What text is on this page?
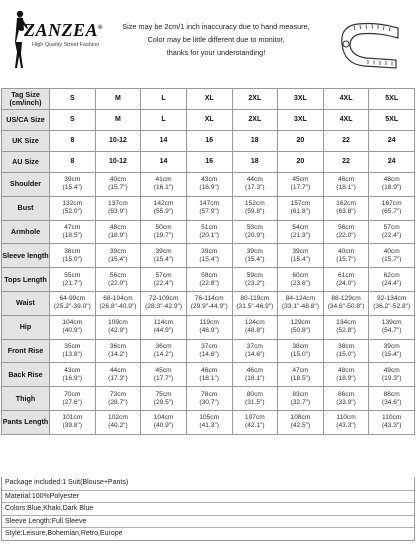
ZANZEA®
High Quality Street Fashion
Size may be 2cm/1 inch inaccuracy due to hand measure,
Color may be little different due to monitor,
thanks for your understanding!
Tag Size (cm/inch)	S	M	L	XL	2XL	3XL	4XL	5XL
US/CA Size	S	M	L	XL	2XL	3XL	4XL	5XL
UK Size	8	10-12	14	16	18	20	22	24
AU Size	8	10-12	14	16	18	20	22	24
Shoulder	39cm
(15.4")	40cm
(15.7")	41cm
(16.1")	43cm
(16.9")	44cm
(17.3")	45cm
(17.7")	46cm
(18.1")	48cm
(18.9")

Bust	132cm
(52.0")	137cm
(53.9")	142cm
(55.9")	147cm
(57.9")	152cm
(59.8")	157cm
(61.8")	162cm
(63.8")	167cm
(65.7")

Armhole	47cm
(18.5")	48cm
(18.9")	50cm
(19.7")	51cm
(20.1")	53cm
(20.9")	54cm
(21.3")	56cm
(22.0")	57cm
(22.4")

Sleeve length	38cm
(15.0")	39cm
(15.4")	39cm
(15.4")	39cm
(15.4")	39cm
(15.4")	39cm
(15.4")	40cm
(15.7")	40cm
(15.7")

Tops Length	55cm
(21.7")	56cm
(22.0")	57cm
(22.4")	58cm
(22.8")	59cm
(23.2")	60cm
(23.6")	61cm
(24.0")	62cm
(24.4")

Waist	64-99cm
(25.2"-39.0")	68-104cm
(26.8"-40.9")	72-109cm
(28.3"-42.9")	76-114cm
(29.9"-44.9")	80-119cm
(31.5"-46.9")	84-124cm
(33.1"-48.8")	88-129cm
(34.6"-50.8")	92-134cm
(36.2"-52.8")

Hip	104cm
(40.9")	109cm
(42.9")	114cm
(44.9")	119cm
(46.9")	124cm
(48.8")	129cm
(50.8")	134cm
(52.8")	139cm
(54.7")

Front Rise	35cm
(13.8")	36cm
(14.2")	36cm
(14.2")	37cm
(14.6")	37cm
(14.6")	38cm
(15.0")	38cm
(15.0")	39cm
(15.4")

Back Rise	43cm
(16.9")	44cm
(17.3")	45cm
(17.7")	46cm
(18.1")	46cm
(18.1")	47cm
(18.5")	48cm
(18.9")	49cm
(19.3")

Thigh	70cm
(27.6")	73cm
(28.7")	75cm
(29.5")	78cm
(30.7")	80cm
(31.5")	83cm
(32.7")	86cm
(33.9")	88cm
(34.6")

Pants Length	101cm
(39.8")	102cm
(40.2")	104cm
(40.9")	105cm
(41.3")	107cm
(42.1")	108cm
(42.5")	110cm
(43.3")	110cm
(43.3")
Package included:1 Suit(Blouse+Pants)
Material:100%Polyester
Colors:Blue,Khaki,Dark Blue
Sleeve Length:Full Sleeve
Style:Leisure,Bohemian,Retro,Europe
